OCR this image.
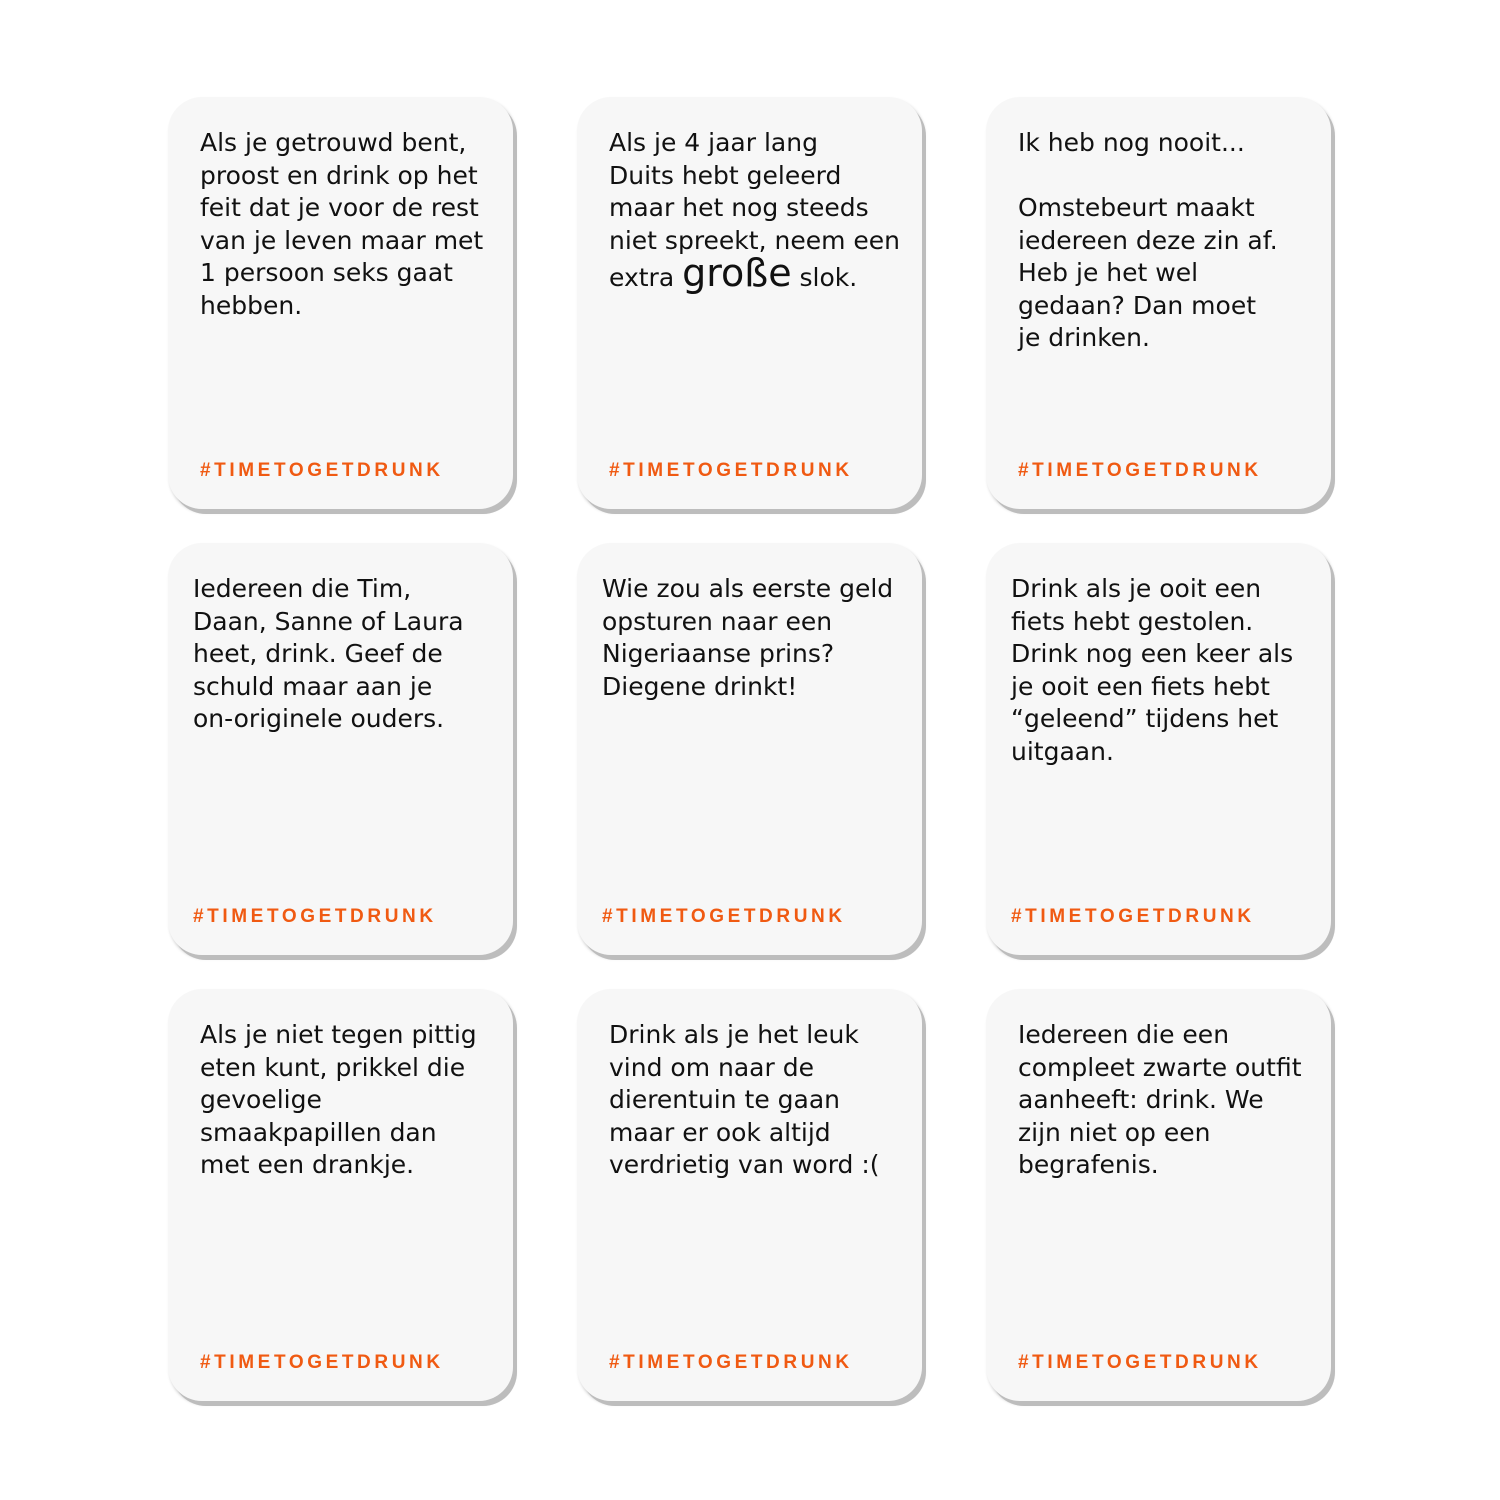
Als je getrouwd bent,
proost en drink op het
feit dat je voor de rest
van je leven maar met
1 persoon seks gaat
hebben.

#TIMETOGETDRUNK

Als je 4 jaar lang
Duits hebt geleerd
maar het nog steeds
niet spreekt, neem een
extra große slok.

#TIMETOGETDRUNK

Ik heb nog nooit...

Omstebeurt maakt
iedereen deze zin af.
Heb je het wel
gedaan? Dan moet
je drinken.

#TIMETOGETDRUNK

Iedereen die Tim,
Daan, Sanne of Laura
heet, drink. Geef de
schuld maar aan je
on-originele ouders.

#TIMETOGETDRUNK

Wie zou als eerste geld
opsturen naar een
Nigeriaanse prins?
Diegene drinkt!

#TIMETOGETDRUNK

Drink als je ooit een
fiets hebt gestolen.
Drink nog een keer als
je ooit een fiets hebt
“geleend” tijdens het
uitgaan.

#TIMETOGETDRUNK

Als je niet tegen pittig
eten kunt, prikkel die
gevoelige
smaakpapillen dan
met een drankje.

#TIMETOGETDRUNK

Drink als je het leuk
vind om naar de
dierentuin te gaan
maar er ook altijd
verdrietig van word :(

#TIMETOGETDRUNK

Iedereen die een
compleet zwarte outfit
aanheeft: drink. We
zijn niet op een
begrafenis.

#TIMETOGETDRUNK
